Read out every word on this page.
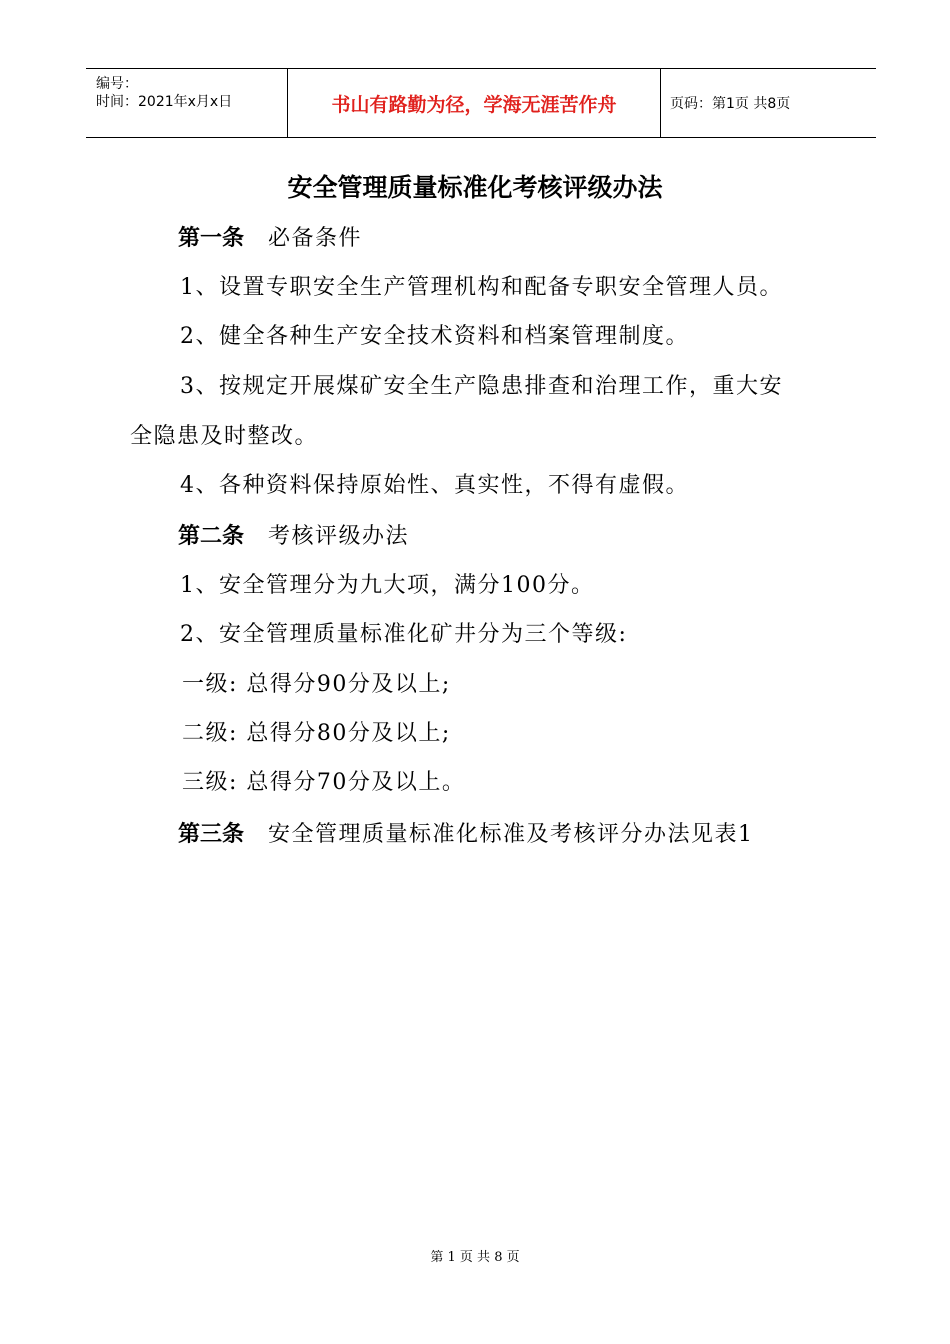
编号：
时间：2021年x月x日	书山有路勤为径，学海无涯苦作舟	页码：第1页 共8页
安全管理质量标准化考核评级办法
第一条 必备条件
1、设置专职安全生产管理机构和配备专职安全管理人员。
2、健全各种生产安全技术资料和档案管理制度。
3、按规定开展煤矿安全生产隐患排查和治理工作，重大安
全隐患及时整改。
4、各种资料保持原始性、真实性，不得有虚假。
第二条 考核评级办法
1、安全管理分为九大项，满分100分。
2、安全管理质量标准化矿井分为三个等级:
一级: 总得分90分及以上;
二级: 总得分80分及以上;
三级: 总得分70分及以上。
第三条 安全管理质量标准化标准及考核评分办法见表1
第 1 页 共 8 页
